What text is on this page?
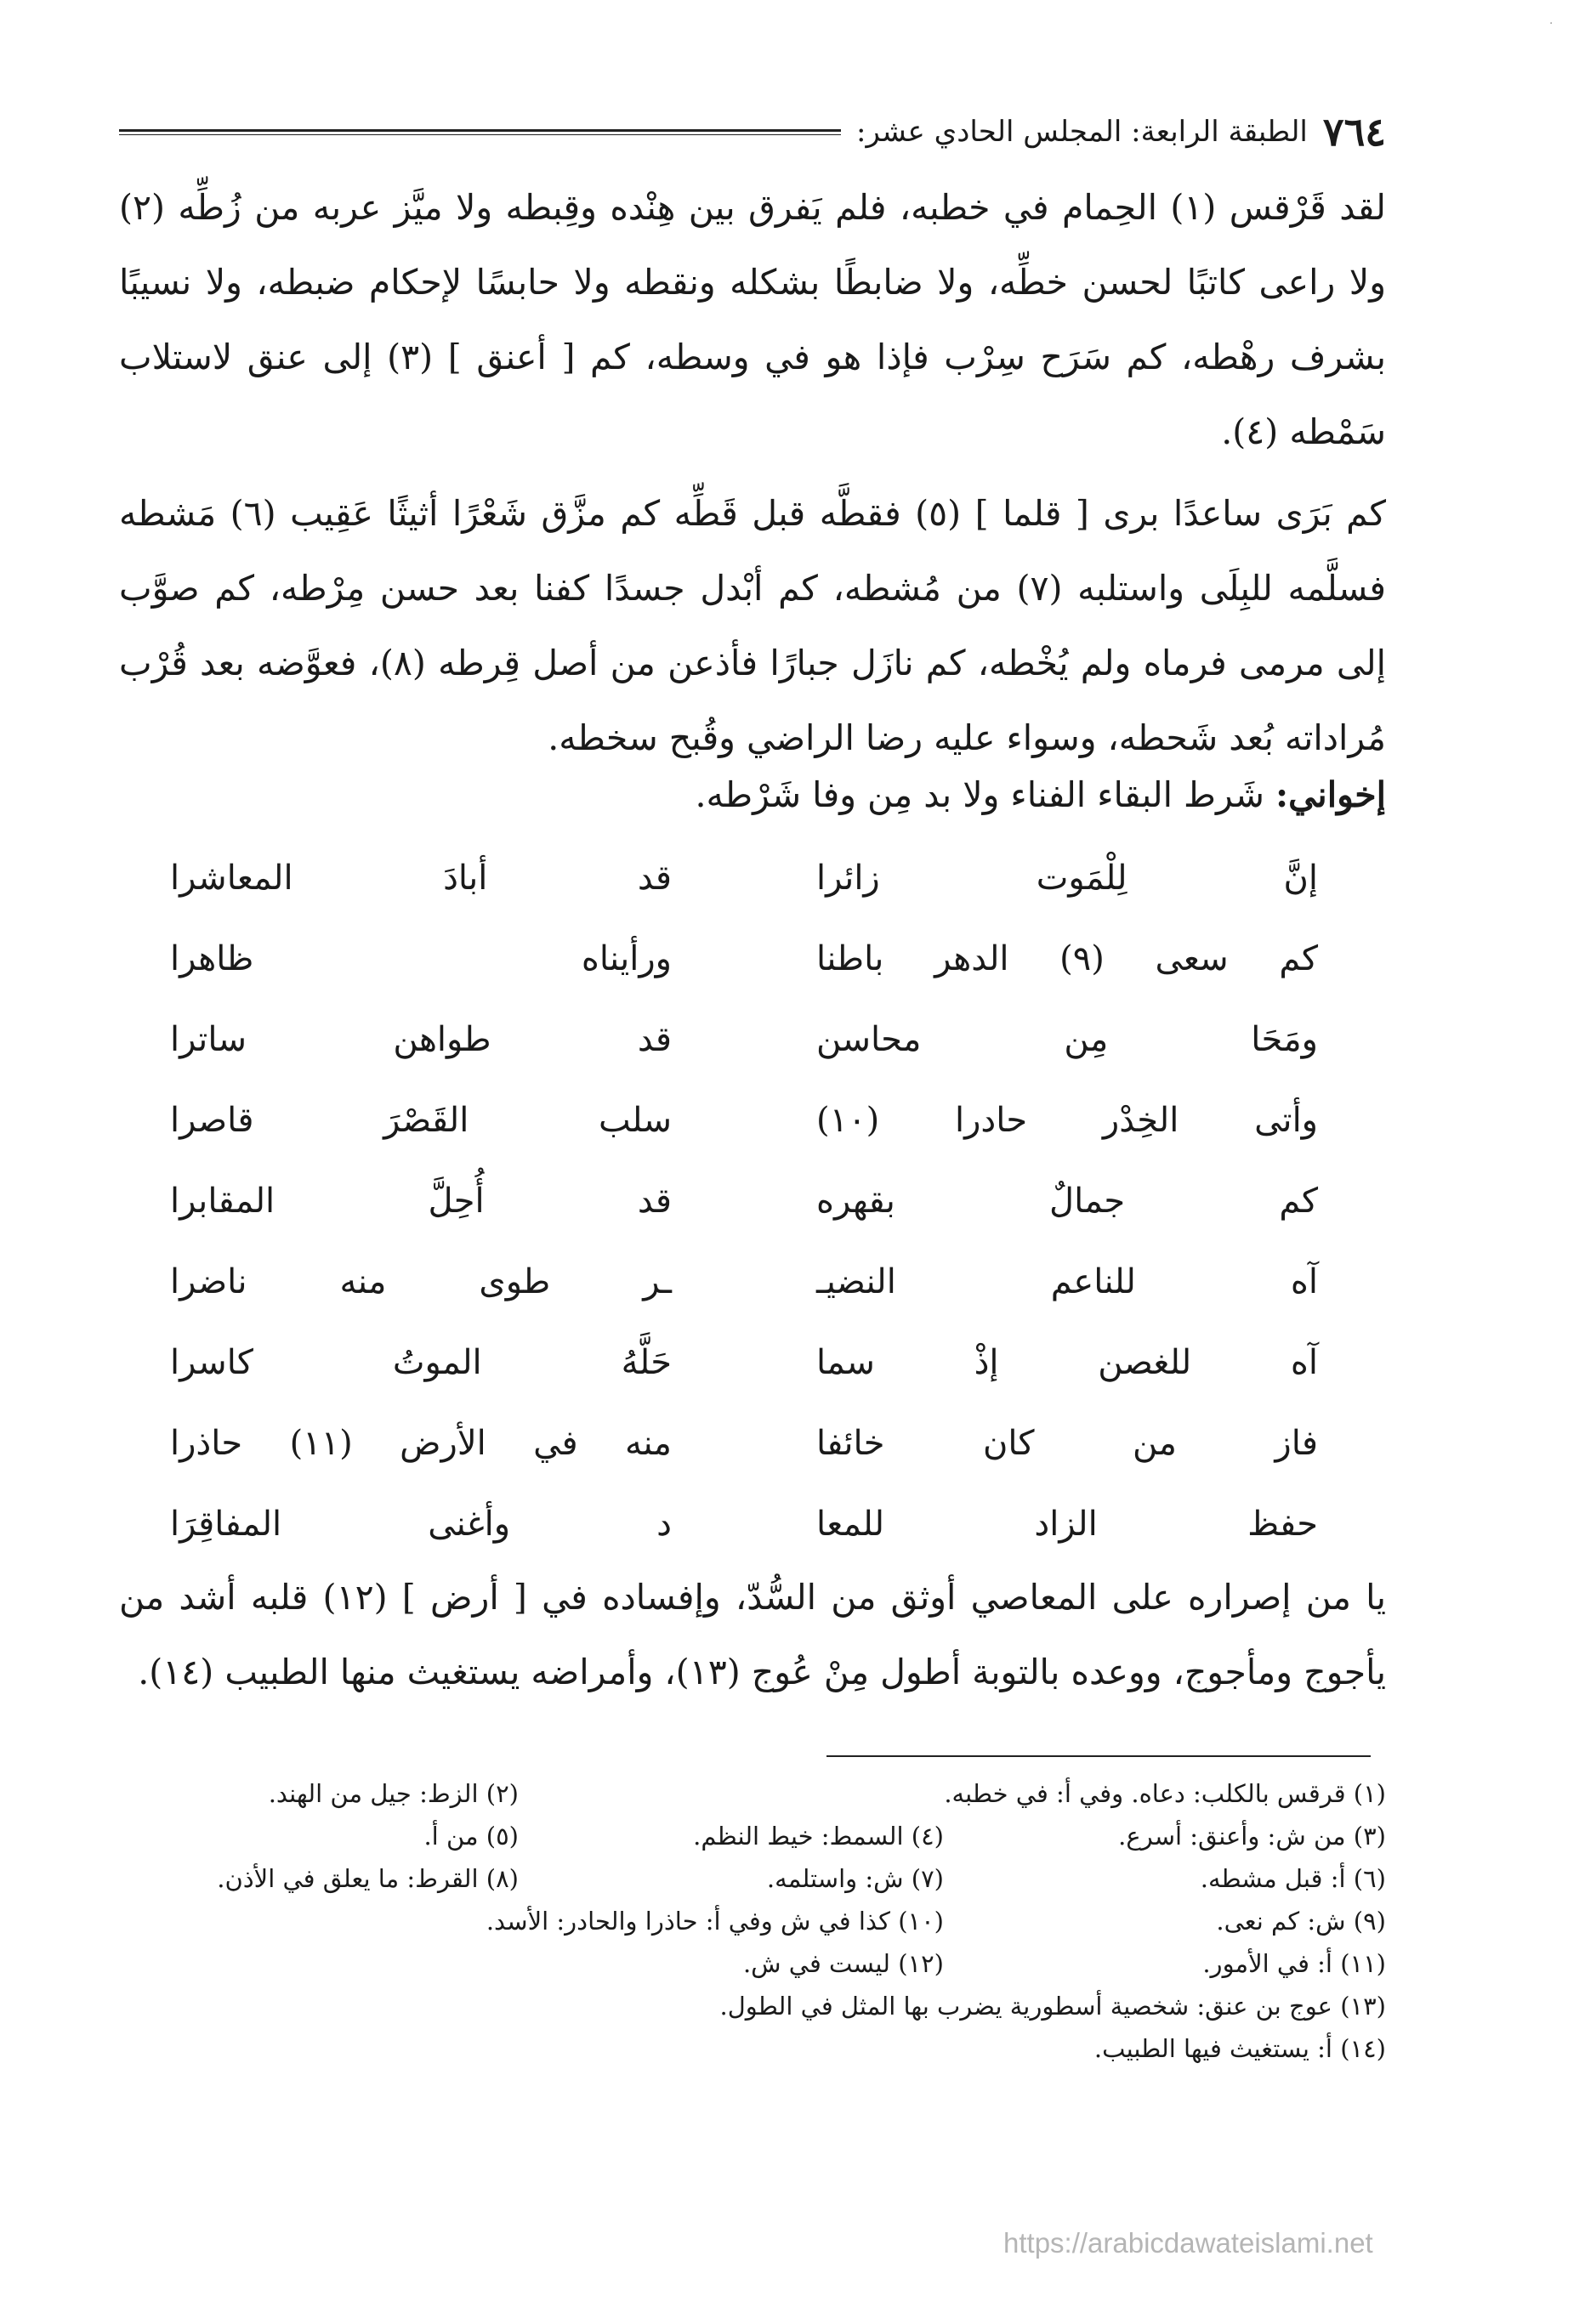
·
٧٦٤
الطبقة الرابعة: المجلس الحادي عشر:

لقد قَرْقس (١) الحِمام في خطبه، فلم يَفرق بين هِنْده وقِبطه ولا ميَّز عربه من زُطِّه (٢) ولا راعى كاتبًا لحسن خطِّه، ولا ضابطًا بشكله ونقطه ولا حابسًا لإحكام ضبطه، ولا نسيبًا بشرف رهْطه، كم سَرَح سِرْب فإذا هو في وسطه، كم [ أعنق ] (٣) إلى عنق لاستلاب سَمْطه (٤).

كم بَرَى ساعدًا برى [ قلما ] (٥) فقطَّه قبل قَطِّه كم مزَّق شَعْرًا أثيثًا عَقِيب (٦) مَشطه فسلَّمه للبِلَى واستلبه (٧) من مُشطه، كم أبْدل جسدًا كفنا بعد حسن مِرْطه، كم صوَّب إلى مرمى فرماه ولم يُخْطه، كم نازَل جبارًا فأذعن من أصل قِرطه (٨)، فعوَّضه بعد قُرْب مُراداته بُعد شَحطه، وسواء عليه رضا الراضي وقُبح سخطه.

إخواني: شَرط البقاء الفناء ولا بد مِن وفا شَرْطه.
إنَّ لِلْمَوت زائرا
قد أبادَ المعاشرا
كم سعى (٩) الدهر باطنا
ورأيناه ظاهرا
ومَحَا مِن محاسن
قد طواهن ساترا
وأتى الخِدْر حادرا (١٠)
سلب القَصْرَ قاصرا
كم جمالٌ بقهره
قد أُحِلَّ المقابرا
آه للناعم النضيـ
ـر طوى منه ناضرا
آه للغصن إذْ سما
حَلَّهُ الموتُ كاسرا
فاز من كان خائفا
منه في الأرض (١١) حاذرا
حفظ الزاد للمعا
د وأغنى المفاقِرَا

يا من إصراره على المعاصي أوثق من السُّدّ، وإفساده في [ أرض ] (١٢) قلبه أشد من يأجوج ومأجوج، ووعده بالتوبة أطول مِنْ عُوج (١٣)، وأمراضه يستغيث منها الطبيب (١٤).

(١) قرقس بالكلب: دعاه. وفي أ: في خطبه.
(٢) الزط: جيل من الهند.
(٣) من ش: وأعنق: أسرع.
(٤) السمط: خيط النظم.
(٥) من أ.
(٦) أ: قبل مشطه.
(٧) ش: واستلمه.
(٨) القرط: ما يعلق في الأذن.
(٩) ش: كم نعى.
(١٠) كذا في ش وفي أ: حاذرا والحادر: الأسد.
(١١) أ: في الأمور.
(١٢) ليست في ش.
(١٣) عوج بن عنق: شخصية أسطورية يضرب بها المثل في الطول.
(١٤) أ: يستغيث فيها الطبيب.
https://arabicdawateislami.net
